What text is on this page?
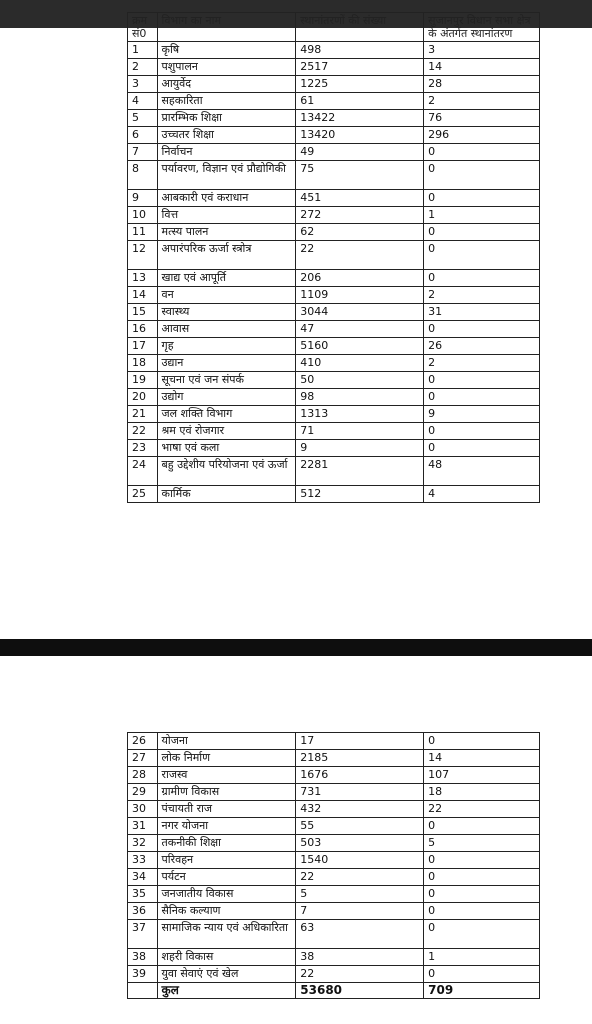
क्रम सं0	विभाग का नाम	स्थानांतरणों की संख्या	सुजानपुर विधान सभा क्षेत्र के अंतर्गत स्थानांतरण
1	कृषि	498	3
2	पशुपालन	2517	14
3	आयुर्वेद	1225	28
4	सहकारिता	61	2
5	प्रारम्भिक शिक्षा	13422	76
6	उच्चतर शिक्षा	13420	296
7	निर्वाचन	49	0
8	पर्यावरण, विज्ञान एवं प्रौद्योगिकी	75	0
9	आबकारी एवं कराधान	451	0
10	वित्त	272	1
11	मत्स्य पालन	62	0
12	अपारंपरिक ऊर्जा स्त्रोत्र	22	0
13	खाद्य एवं आपूर्ति	206	0
14	वन	1109	2
15	स्वास्थ्य	3044	31
16	आवास	47	0
17	गृह	5160	26
18	उद्यान	410	2
19	सूचना एवं जन संपर्क	50	0
20	उद्योग	98	0
21	जल शक्ति विभाग	1313	9
22	श्रम एवं रोजगार	71	0
23	भाषा एवं कला	9	0
24	बहु उद्देशीय परियोजना एवं ऊर्जा	2281	48
25	कार्मिक	512	4
26	योजना	17	0
27	लोक निर्माण	2185	14
28	राजस्व	1676	107
29	ग्रामीण विकास	731	18
30	पंचायती राज	432	22
31	नगर योजना	55	0
32	तकनीकी शिक्षा	503	5
33	परिवहन	1540	0
34	पर्यटन	22	0
35	जनजातीय विकास	5	0
36	सैनिक कल्याण	7	0
37	सामाजिक न्याय एवं अधिकारिता	63	0
38	शहरी विकास	38	1
39	युवा सेवाएं एवं खेल	22	0
	कुल	53680	709
